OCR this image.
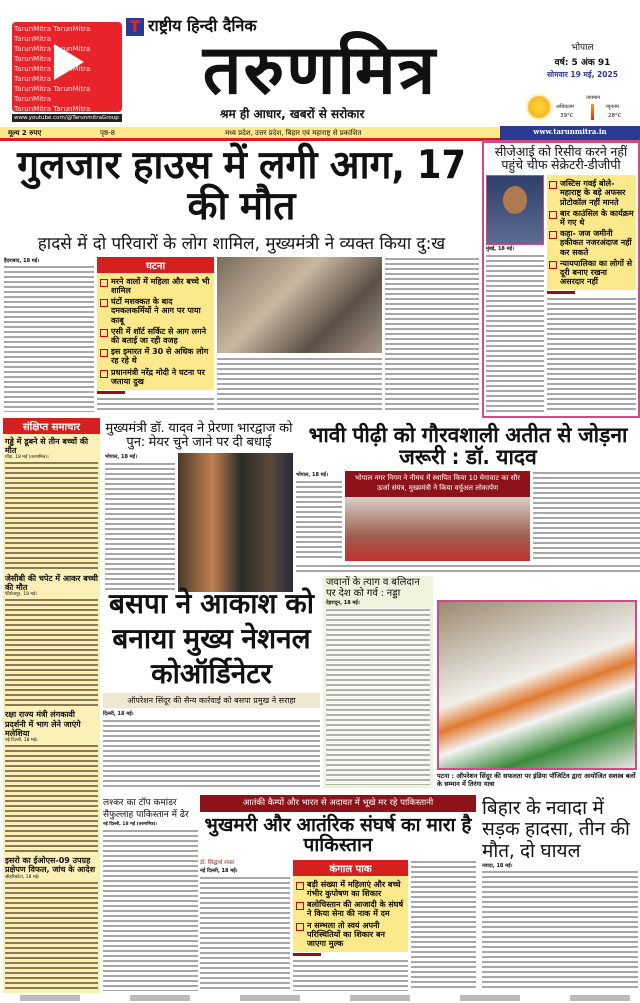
TarunMitra TarunMitra TarunMitra
TarunMitra TarunMitra TarunMitra
TarunMitra TarunMitra TarunMitra
TarunMitra TarunMitra TarunMitra
TarunMitra TarunMitra

www.youtube.com/@TarunmitraGroup
T राष्ट्रीय हिन्दी दैनिक
तरुणमित्र
श्रम ही आधार, खबरों से सरोकार
भोपाल
वर्ष: 5 अंक 91
सोमवार 19 मई, 2025
तापमान
अधिकतम
39°C
न्यूनतम
28°C
मूल्य 2 रुपए	पृष्ठ-8	मध्य प्रदेश, उत्तर प्रदेश, बिहार एवं महाराष्ट्र से प्रकाशित	www.tarunmitra.in
गुलजार हाउस में लगी आग, 17 की मौत
हादसे में दो परिवारों के लोग शामिल, मुख्यमंत्री ने व्यक्त किया दु:ख
हैदराबाद, 18 मई।	घटना
मरने वालों में महिला और बच्चे भी शामिल
घंटों मशक्कत के बाद दमकलकर्मियों ने आग पर पाया काबू
एसी में शॉर्ट सर्किट से आग लगने की बताई जा रही वजह
इस इमारत में 30 से अधिक लोग रह रहे थे
प्रधानमंत्री नरेंद्र मोदी ने घटना पर जताया दुख
सीजेआई को रिसीव करने नहीं पहुंचे चीफ सेक्रेटरी-डीजीपी
मुंबई, 18 मई।
जस्टिस गवई बोले- महाराष्ट्र के बड़े अफसर प्रोटोकॉल नहीं मानते
बार काउंसिल के कार्यक्रम में गए थे
कहा- जज जमीनी हकीकत नजरअंदाज नहीं कर सकते
न्यायपालिका का लोगों से दूरी बनाए रखना असरदार नहीं
संक्षिप्त समाचार
गड्ढे में डूबने से तीन बच्चों की मौत
गोंडा, 18 मई (तरुणमित्र)।
जेसीबी की चपेट में आकर बच्ची की मौत
फीरोजपुर, 18 मई।
रक्षा राज्य मंत्री लंगकावी प्रदर्शनी में भाग लेने जाएंगे मलेशिया
नई दिल्ली, 18 मई।
इसरो का ईओएस-09 उपग्रह प्रक्षेपण विफल, जांच के आदेश
श्रीहरिकोटा, 18 मई।
मुख्यमंत्री डॉ. यादव ने प्रेरणा भारद्वाज को पुन: मेयर चुने जाने पर दी बधाई
भोपाल, 18 मई।
भावी पीढ़ी को गौरवशाली अतीत से जोड़ना जरूरी : डॉ. यादव
भोपाल, 18 मई।	भोपाल नगर निगम ने नीमच में स्थापित किया 10 मेगावाट का सौर ऊर्जा संयंत्र, मुख्यमंत्री ने किया वर्चुअल लोकार्पण
बसपा ने आकाश को बनाया मुख्य नेशनल कोऑर्डिनेटर
ऑपरेशन सिंदूर की सैन्य कार्रवाई को बसपा प्रमुख ने सराहा
दिल्ली, 18 मई।
जवानों के त्याग व बलिदान पर देश को गर्व : नड्डा
देहरादून, 18 मई।
पटना : ऑपरेशन सिंदूर की सफलता पर इंडिया पॉजिटिव द्वारा आयोजित सशस्त्र बलों के सम्मान में तिरंगा यात्रा
लश्कर का टॉप कमांडर सैफुल्लाह पाकिस्तान में ढेर
नई दिल्ली, 18 मई (तरुणमित्र)।
आतंकी कैम्पों और भारत से अदावत में भूखे मर रहे पाकिस्तानी
भुखमरी और आतंरिक संघर्ष का मारा है पाकिस्तान
डॉ. सिद्धार्थ शंकर
नई दिल्ली, 18 मई।	कंगाल पाक
बड़ी संख्या में महिलाएं और बच्चे गंभीर कुपोषण का शिकार
बलोचिस्तान की आजादी के संघर्ष ने किया सेना की नाक में दम
न सम्भला तो स्वयं अपनी परिस्थितियों का शिकार बन जाएगा मुल्क
बिहार के नवादा में सड़क हादसा, तीन की मौत, दो घायल
नवादा, 18 मई।
